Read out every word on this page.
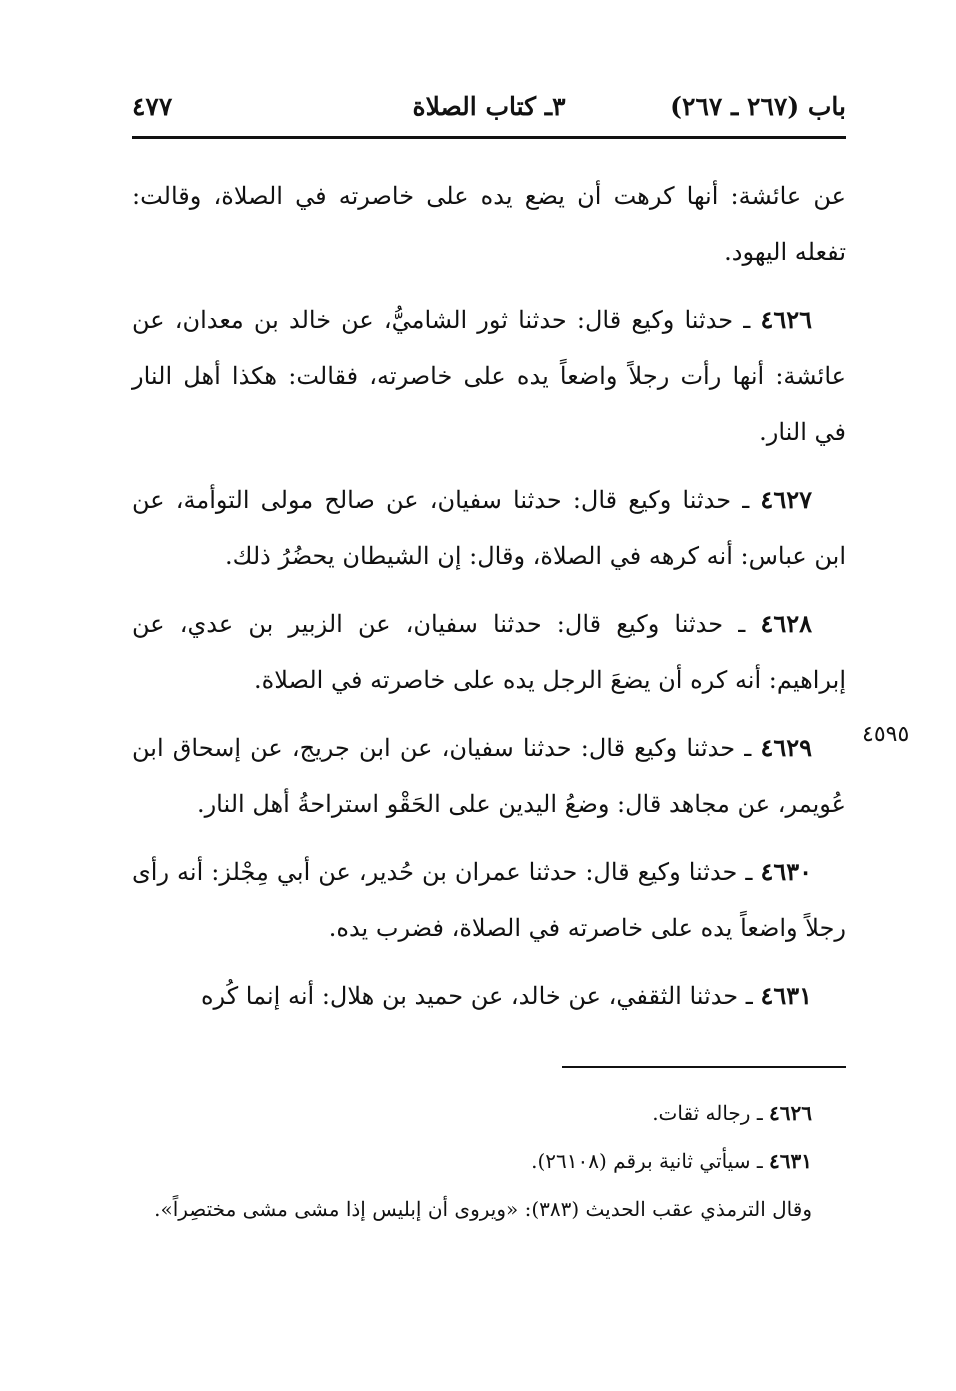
باب (٢٦٧ ـ ٢٦٧)
٣ـ كتاب الصلاة
٤٧٧

عن عائشة: أنها كرهت أن يضع يده على خاصرته في الصلاة، وقالت: تفعله اليهود.

٤٦٢٦ ـ حدثنا وكيع قال: حدثنا ثور الشاميُّ، عن خالد بن معدان، عن عائشة: أنها رأت رجلاً واضعاً يده على خاصرته، فقالت: هكذا أهل النار في النار.

٤٦٢٧ ـ حدثنا وكيع قال: حدثنا سفيان، عن صالح مولى التوأمة، عن ابن عباس: أنه كرهه في الصلاة، وقال: إن الشيطان يحضُرُ ذلك.

٤٦٢٨ ـ حدثنا وكيع قال: حدثنا سفيان، عن الزبير بن عدي، عن إبراهيم: أنه كره أن يضعَ الرجل يده على خاصرته في الصلاة.

٤٦٢٩ ـ حدثنا وكيع قال: حدثنا سفيان، عن ابن جريج، عن إسحاق ابن عُويمر، عن مجاهد قال: وضعُ اليدين على الحَقْو استراحةُ أهل النار.

٤٦٣٠ ـ حدثنا وكيع قال: حدثنا عمران بن حُدير، عن أبي مِجْلز: أنه رأى رجلاً واضعاً يده على خاصرته في الصلاة، فضرب يده.

٤٦٣١ ـ حدثنا الثقفي، عن خالد، عن حميد بن هلال: أنه إنما كُره

٤٥٩٥

٤٦٢٦ ـ رجاله ثقات.

٤٦٣١ ـ سيأتي ثانية برقم (٢٦١٠٨).

وقال الترمذي عقب الحديث (٣٨٣): «ويروى أن إبليس إذا مشى مشى مختصِراً».
